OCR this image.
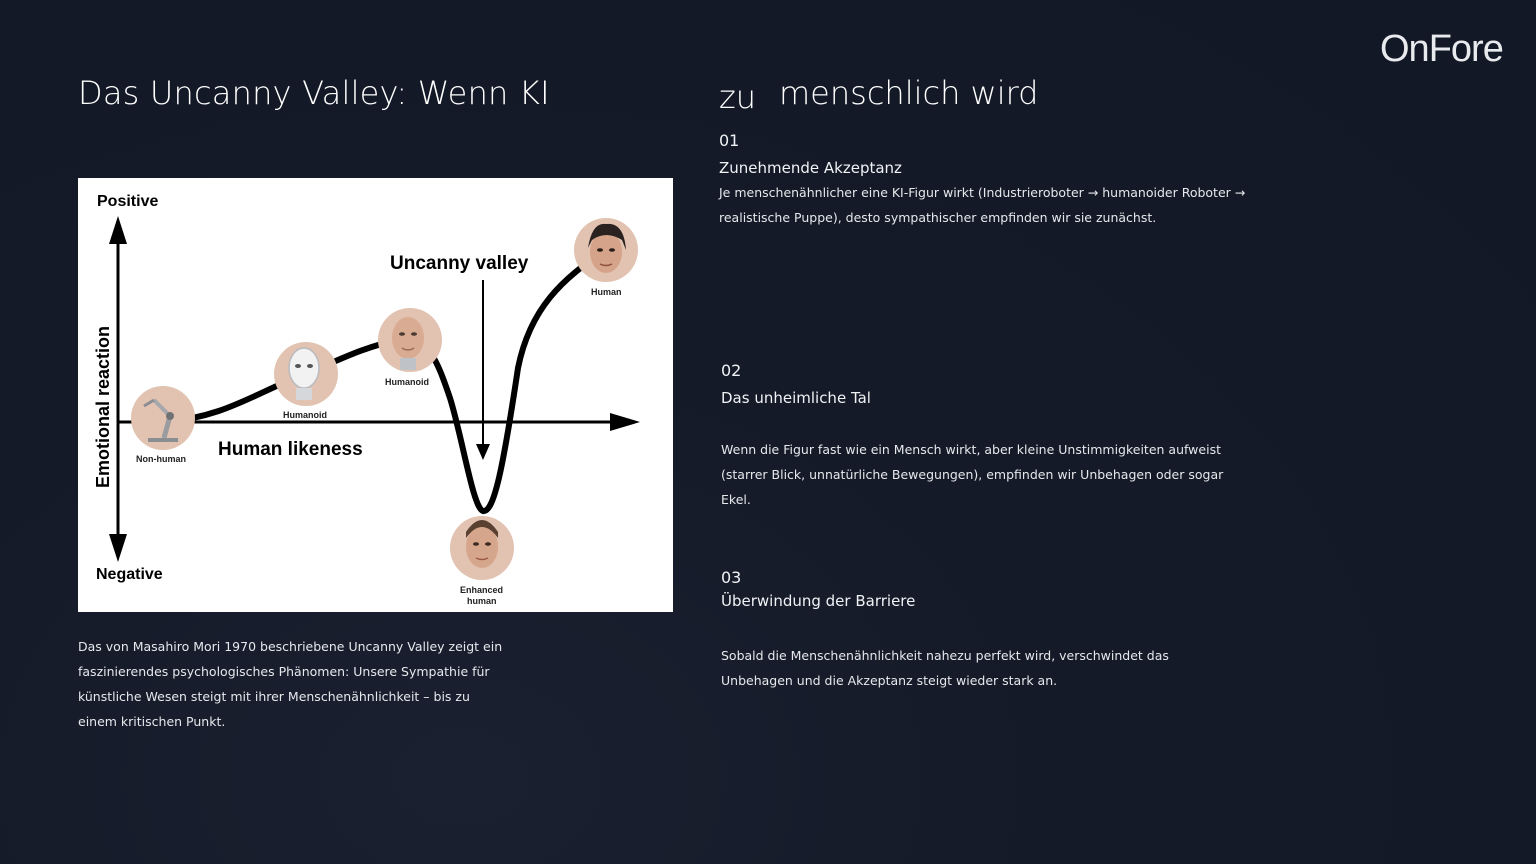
OnFore
Das Uncanny Valley: Wenn KI	zu menschlich wird
Positive
Negative
Emotional reaction	Human likeness
Uncanny valley
Non-human
Humanoid
Humanoid
Enhanced
human
Human
Das von Masahiro Mori 1970 beschriebene Uncanny Valley zeigt ein faszinierendes psychologisches Phänomen: Unsere Sympathie für künstliche Wesen steigt mit ihrer Menschenähnlichkeit – bis zu einem kritischen Punkt.
01
Zunehmende Akzeptanz
Je menschenähnlicher eine KI-Figur wirkt (Industrieroboter → humanoider Roboter → realistische Puppe), desto sympathischer empfinden wir sie zunächst.
02
Das unheimliche Tal
Wenn die Figur fast wie ein Mensch wirkt, aber kleine Unstimmigkeiten aufweist (starrer Blick, unnatürliche Bewegungen), empfinden wir Unbehagen oder sogar Ekel.
03
Überwindung der Barriere
Sobald die Menschenähnlichkeit nahezu perfekt wird, verschwindet das Unbehagen und die Akzeptanz steigt wieder stark an.
